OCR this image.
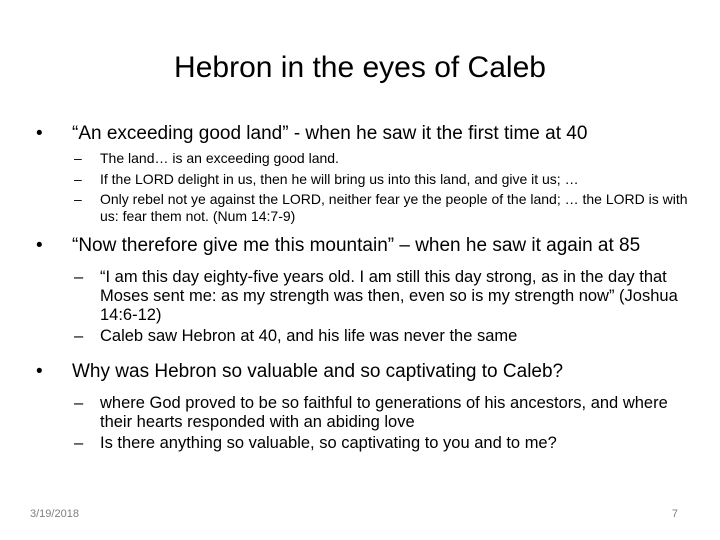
Hebron in the eyes of Caleb
• “An exceeding good land” - when he saw it the first time at 40
– The land… is an exceeding good land.
– If the LORD delight in us, then he will bring us into this land, and give it us; …
– Only rebel not ye against the LORD, neither fear ye the people of the land; … the LORD is with us: fear them not. (Num 14:7-9)
• “Now therefore give me this mountain” – when he saw it again at 85
– “I am this day eighty-five years old. I am still this day strong, as in the day that Moses sent me: as my strength was then, even so is my strength now” (Joshua 14:6-12)
– Caleb saw Hebron at 40, and his life was never the same
• Why was Hebron so valuable and so captivating to Caleb?
– where God proved to be so faithful to generations of his ancestors, and where their hearts responded with an abiding love
– Is there anything so valuable, so captivating to you and to me?
3/19/2018	7
